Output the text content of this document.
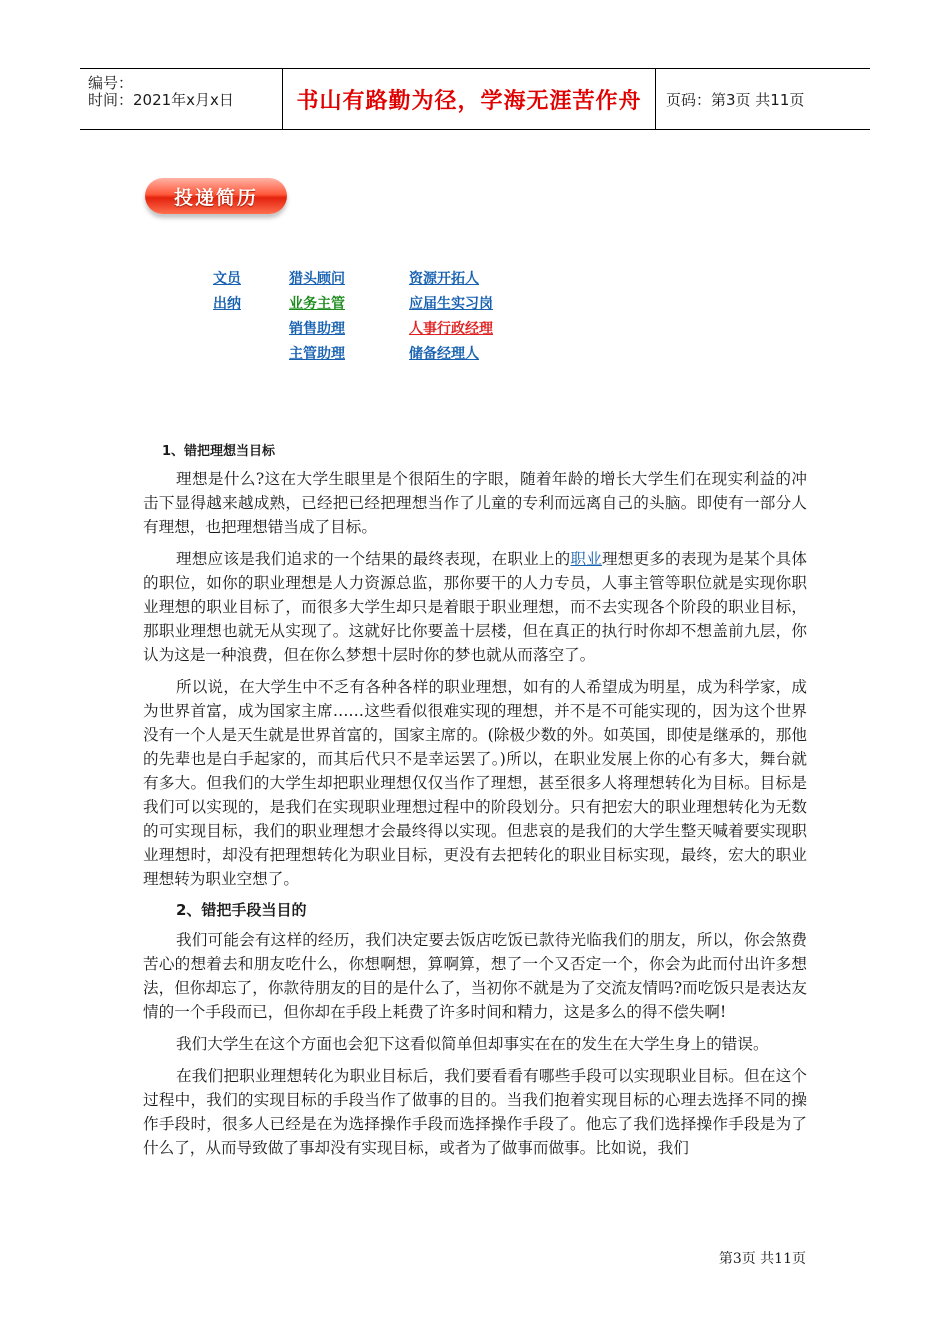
编号：
时间：2021年x月x日	书山有路勤为径，学海无涯苦作舟	页码：第3页 共11页
投递简历
文员
出纳
猎头顾问
业务主管
销售助理
主管助理
资源开拓人
应届生实习岗
人事行政经理
储备经理人
1、错把理想当目标

理想是什么?这在大学生眼里是个很陌生的字眼，随着年龄的增长大学生们在现实利益的冲击下显得越来越成熟，已经把已经把理想当作了儿童的专利而远离自己的头脑。即使有一部分人有理想，也把理想错当成了目标。

理想应该是我们追求的一个结果的最终表现，在职业上的职业理想更多的表现为是某个具体的职位，如你的职业理想是人力资源总监，那你要干的人力专员，人事主管等职位就是实现你职业理想的职业目标了，而很多大学生却只是着眼于职业理想，而不去实现各个阶段的职业目标，那职业理想也就无从实现了。这就好比你要盖十层楼，但在真正的执行时你却不想盖前九层，你认为这是一种浪费，但在你么梦想十层时你的梦也就从而落空了。

所以说，在大学生中不乏有各种各样的职业理想，如有的人希望成为明星，成为科学家，成为世界首富，成为国家主席……这些看似很难实现的理想，并不是不可能实现的，因为这个世界没有一个人是天生就是世界首富的，国家主席的。(除极少数的外。如英国，即使是继承的，那他的先辈也是白手起家的，而其后代只不是幸运罢了。)所以，在职业发展上你的心有多大，舞台就有多大。但我们的大学生却把职业理想仅仅当作了理想，甚至很多人将理想转化为目标。目标是我们可以实现的，是我们在实现职业理想过程中的阶段划分。只有把宏大的职业理想转化为无数的可实现目标，我们的职业理想才会最终得以实现。但悲哀的是我们的大学生整天喊着要实现职业理想时，却没有把理想转化为职业目标，更没有去把转化的职业目标实现，最终，宏大的职业理想转为职业空想了。

2、错把手段当目的

我们可能会有这样的经历，我们决定要去饭店吃饭已款待光临我们的朋友，所以，你会煞费苦心的想着去和朋友吃什么，你想啊想，算啊算，想了一个又否定一个，你会为此而付出许多想法，但你却忘了，你款待朋友的目的是什么了，当初你不就是为了交流友情吗?而吃饭只是表达友情的一个手段而已，但你却在手段上耗费了许多时间和精力，这是多么的得不偿失啊!

我们大学生在这个方面也会犯下这看似简单但却事实在在的发生在大学生身上的错误。

在我们把职业理想转化为职业目标后，我们要看看有哪些手段可以实现职业目标。但在这个过程中，我们的实现目标的手段当作了做事的目的。当我们抱着实现目标的心理去选择不同的操作手段时，很多人已经是在为选择操作手段而选择操作手段了。他忘了我们选择操作手段是为了什么了，从而导致做了事却没有实现目标，或者为了做事而做事。比如说，我们

第3页 共11页
